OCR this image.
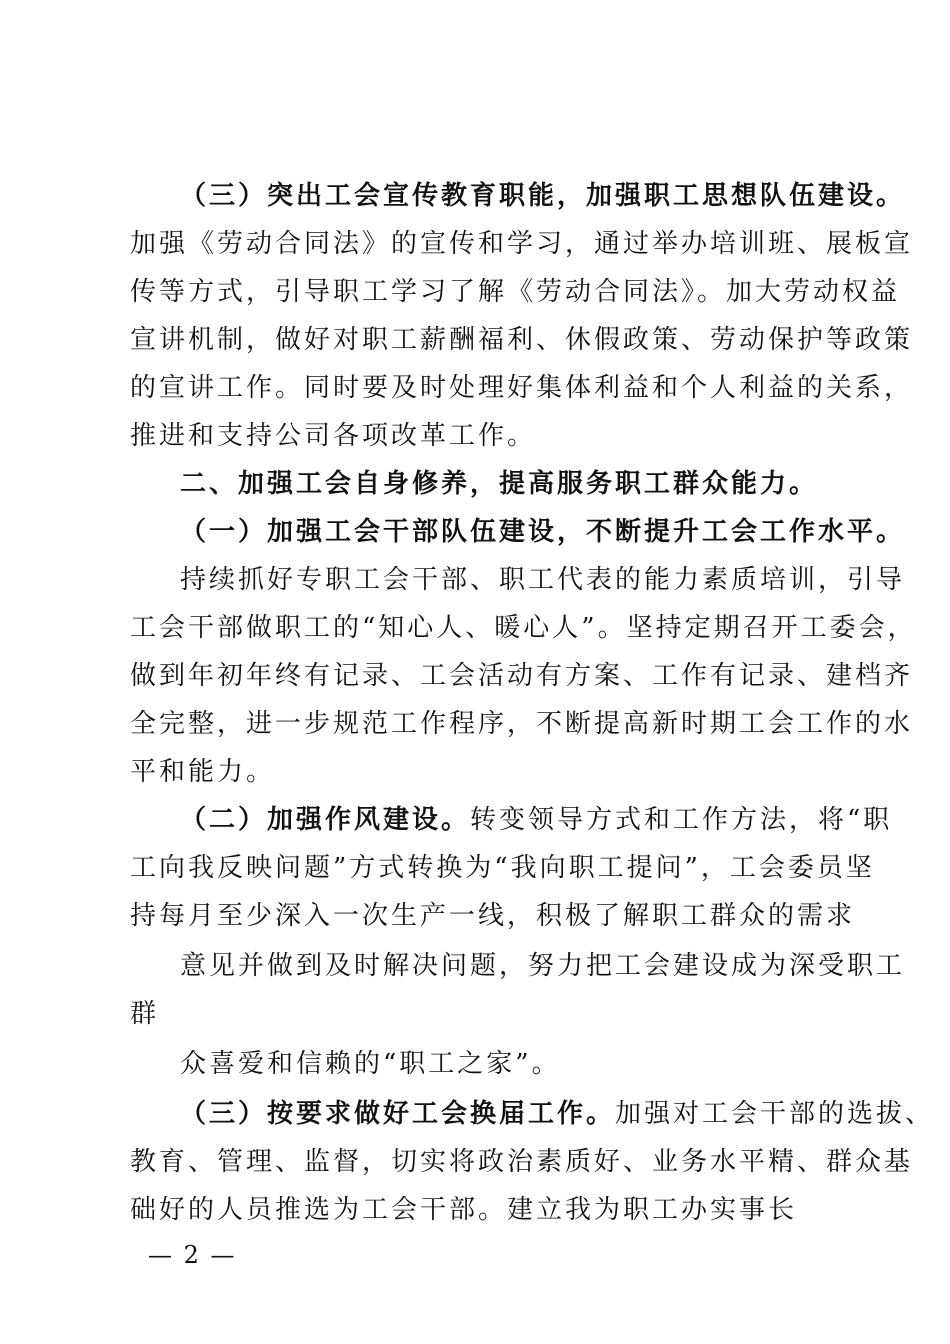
（三）突出工会宣传教育职能，加强职工思想队伍建设。
加强《劳动合同法》的宣传和学习，通过举办培训班、展板宣
传等方式，引导职工学习了解《劳动合同法》。加大劳动权益
宣讲机制，做好对职工薪酬福利、休假政策、劳动保护等政策
的宣讲工作。同时要及时处理好集体利益和个人利益的关系，
推进和支持公司各项改革工作。
二、加强工会自身修养，提高服务职工群众能力。
（一）加强工会干部队伍建设，不断提升工会工作水平。
持续抓好专职工会干部、职工代表的能力素质培训，引导
工会干部做职工的“知心人、暖心人”。坚持定期召开工委会，
做到年初年终有记录、工会活动有方案、工作有记录、建档齐
全完整，进一步规范工作程序，不断提高新时期工会工作的水
平和能力。
（二）加强作风建设。转变领导方式和工作方法，将“职
工向我反映问题”方式转换为“我向职工提问”，工会委员坚
持每月至少深入一次生产一线，积极了解职工群众的需求
意见并做到及时解决问题，努力把工会建设成为深受职工
群
众喜爱和信赖的“职工之家”。
（三）按要求做好工会换届工作。加强对工会干部的选拔、
教育、管理、监督，切实将政治素质好、业务水平精、群众基
础好的人员推选为工会干部。建立我为职工办实事长
— 2 —
